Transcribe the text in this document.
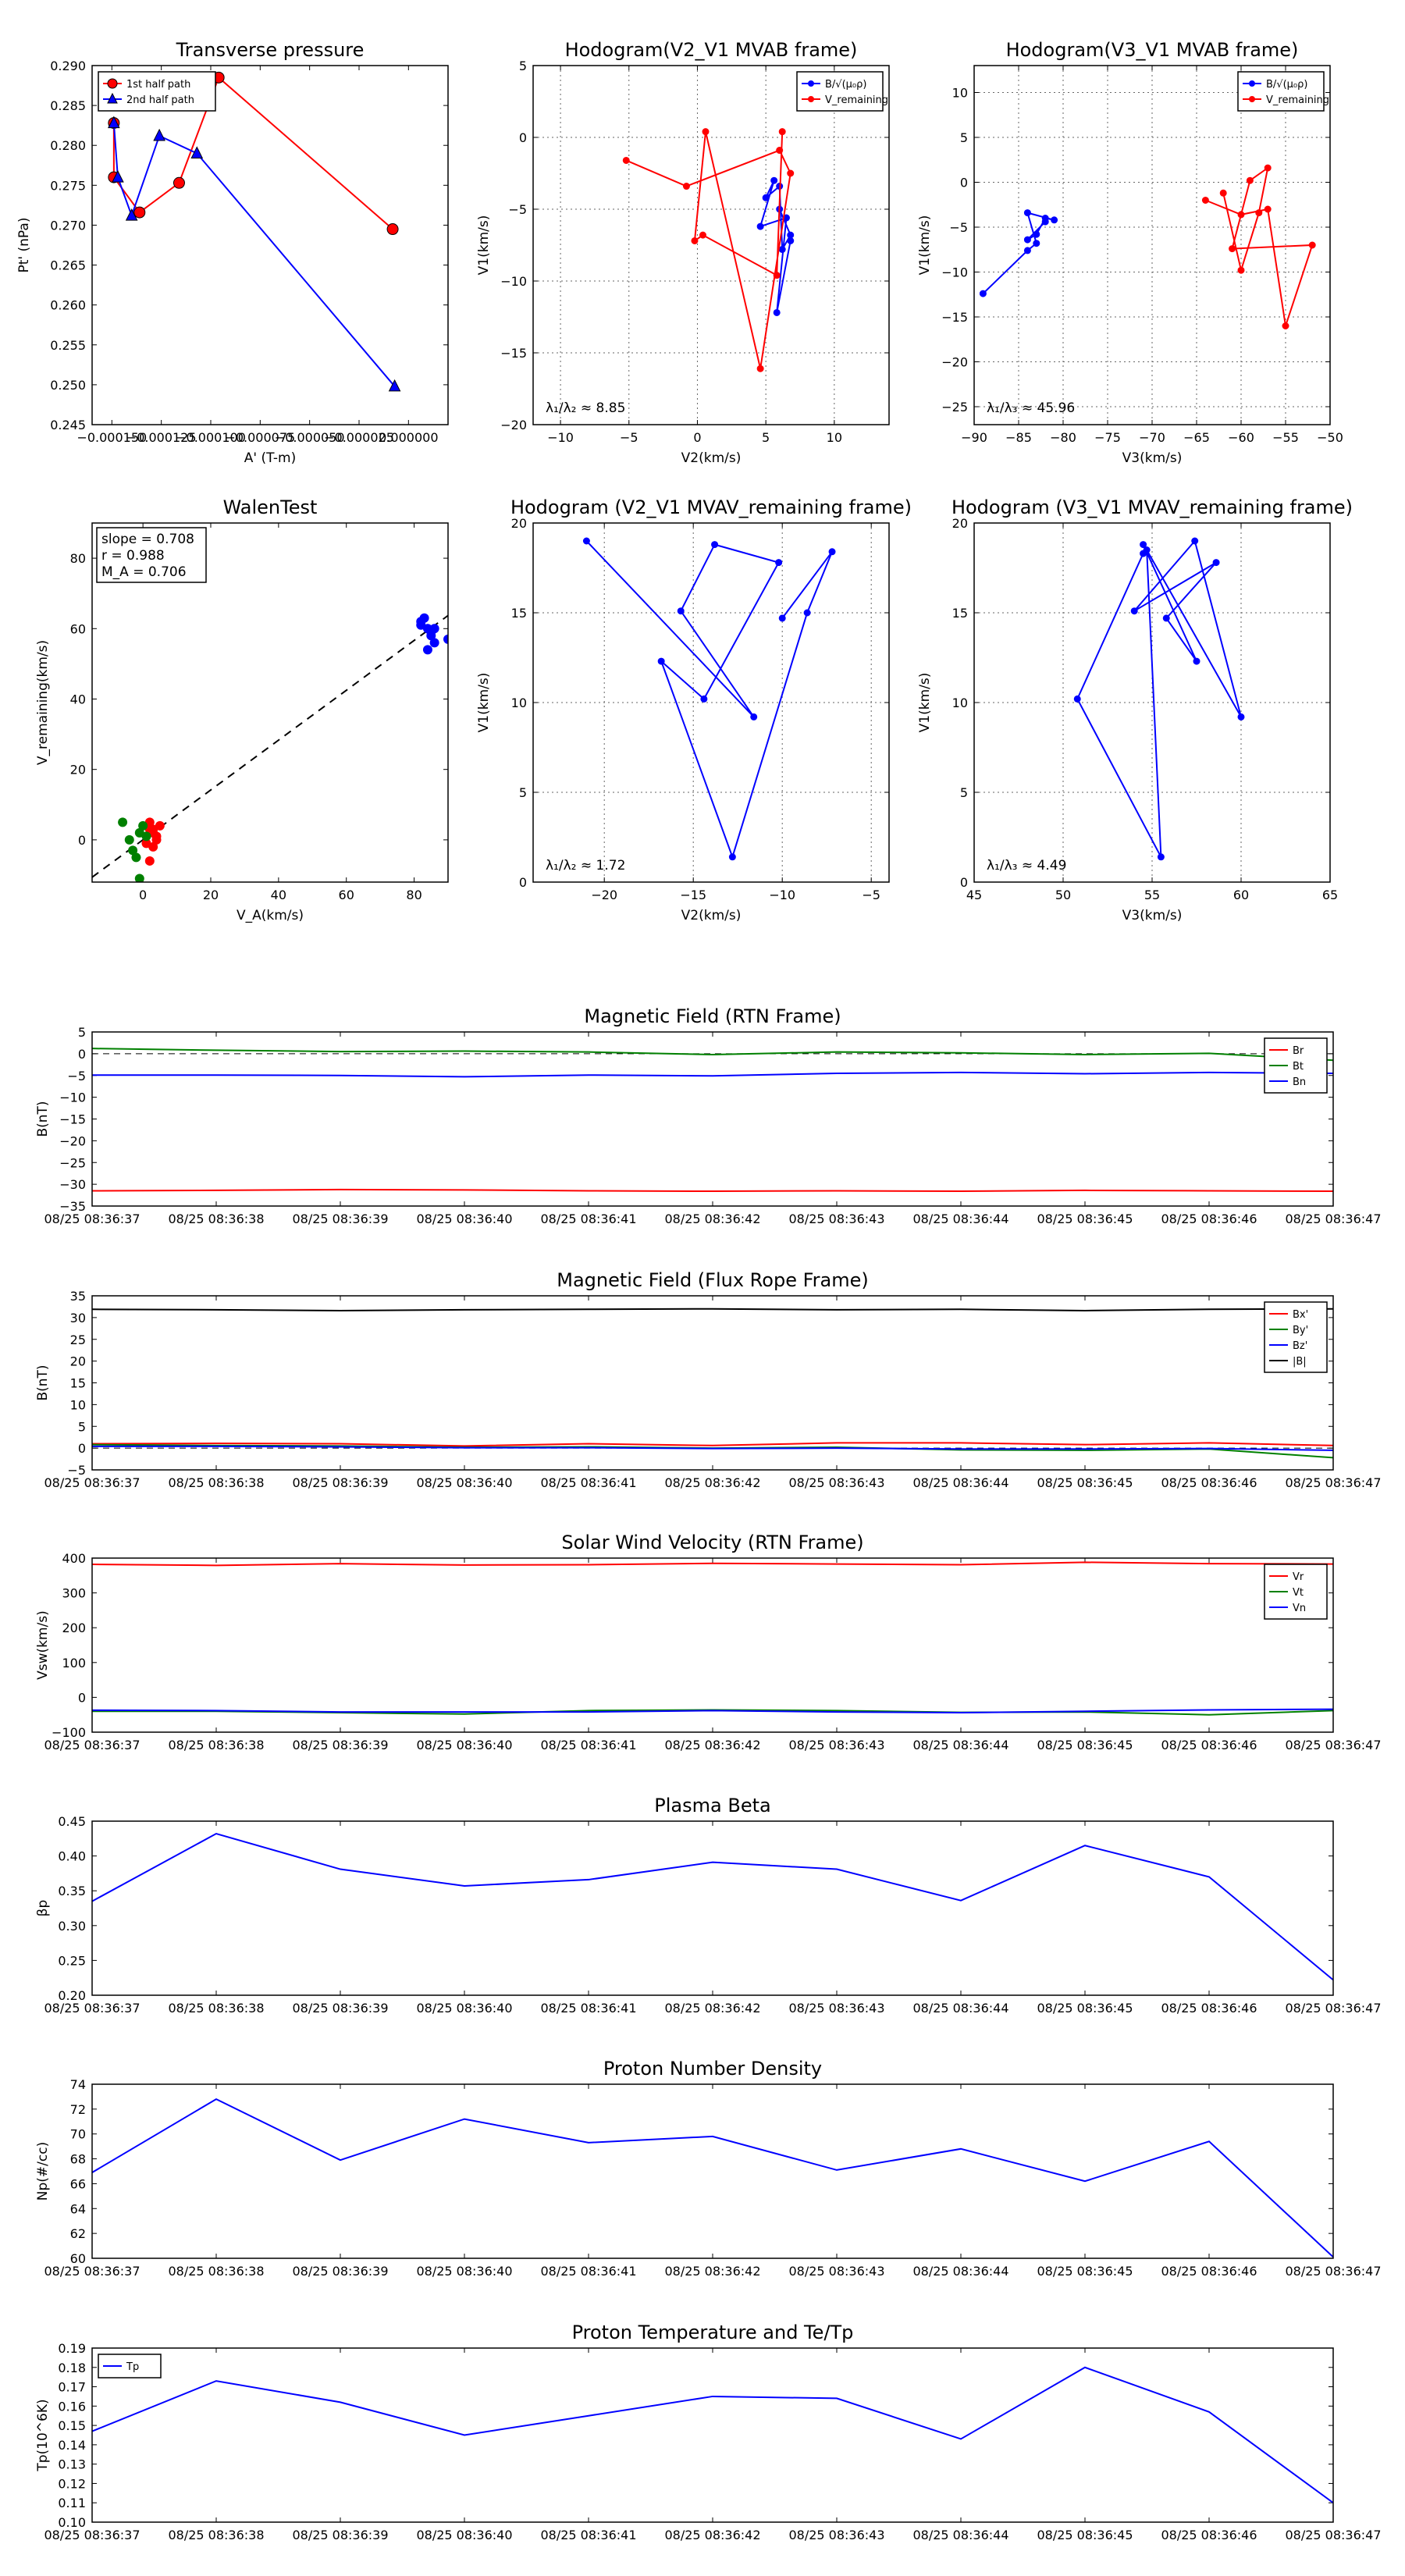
Transverse pressure
−0.000150
−0.000125
−0.000100
−0.000075
−0.000050
−0.000025
0.000000
0.245
0.250
0.255
0.260
0.265
0.270
0.275
0.280
0.285
0.290
A' (T-m)
Pt' (nPa)
1st half path
2nd half path
Hodogram(V2_V1 MVAB frame)
−10	−5	0	5	10
−20
−15
−10
−5
0
5
V2(km/s)
V1(km/s)
λ₁/λ₂ ≈ 8.85
B/√(μ₀ρ)
V_remaining
Hodogram(V3_V1 MVAB frame)
−90 −85 −80 −75 −70 −65 −60 −55 −50
−25
−20
−15
−10
−5
0
5
10
V3(km/s)
V1(km/s)
λ₁/λ₃ ≈ 45.96
B/√(μ₀ρ)
V_remaining
WalenTest
0	20	40	60	80
0
20
40
60
80
V_A(km/s)
V_remaining(km/s)
slope = 0.708
r = 0.988
M_A = 0.706
Hodogram (V2_V1 MVAV_remaining frame)
−20	−15	−10	−5
0
5
10
15
20
V2(km/s)
V1(km/s)
λ₁/λ₂ ≈ 1.72
Hodogram (V3_V1 MVAV_remaining frame)
45	50	55	60	65
0
5
10
15
20
V3(km/s)
V1(km/s)
λ₁/λ₃ ≈ 4.49
Magnetic Field (RTN Frame)
08/25 08:36:37 08/25 08:36:38 08/25 08:36:39 08/25 08:36:40 08/25 08:36:41 08/25 08:36:42 08/25 08:36:43 08/25 08:36:44 08/25 08:36:45 08/25 08:36:46 08/25 08:36:47
−35
−30
−25
−20
−15
−10
−5
0
5
B(nT)
Br
Bt
Bn
Magnetic Field (Flux Rope Frame)
08/25 08:36:37 08/25 08:36:38 08/25 08:36:39 08/25 08:36:40 08/25 08:36:41 08/25 08:36:42 08/25 08:36:43 08/25 08:36:44 08/25 08:36:45 08/25 08:36:46 08/25 08:36:47
−5
0
5
10
15
20
25
30
35
B(nT)
Bx'
By'
Bz'
|B|
Solar Wind Velocity (RTN Frame)
08/25 08:36:37 08/25 08:36:38 08/25 08:36:39 08/25 08:36:40 08/25 08:36:41 08/25 08:36:42 08/25 08:36:43 08/25 08:36:44 08/25 08:36:45 08/25 08:36:46 08/25 08:36:47
−100
0
100
200
300
400
Vsw(km/s)
Vr
Vt
Vn
Plasma Beta
08/25 08:36:37 08/25 08:36:38 08/25 08:36:39 08/25 08:36:40 08/25 08:36:41 08/25 08:36:42 08/25 08:36:43 08/25 08:36:44 08/25 08:36:45 08/25 08:36:46 08/25 08:36:47
0.20
0.25
0.30
0.35
0.40
0.45
βp
Proton Number Density
08/25 08:36:37 08/25 08:36:38 08/25 08:36:39 08/25 08:36:40 08/25 08:36:41 08/25 08:36:42 08/25 08:36:43 08/25 08:36:44 08/25 08:36:45 08/25 08:36:46 08/25 08:36:47
60
62
64
66
68
70
72
74
Np(#/cc)
Proton Temperature and Te/Tp
08/25 08:36:37 08/25 08:36:38 08/25 08:36:39 08/25 08:36:40 08/25 08:36:41 08/25 08:36:42 08/25 08:36:43 08/25 08:36:44 08/25 08:36:45 08/25 08:36:46 08/25 08:36:47
0.10
0.11
0.12
0.13
0.14
0.15
0.16
0.17
0.18
0.19
Tp(10^6K)
Tp
